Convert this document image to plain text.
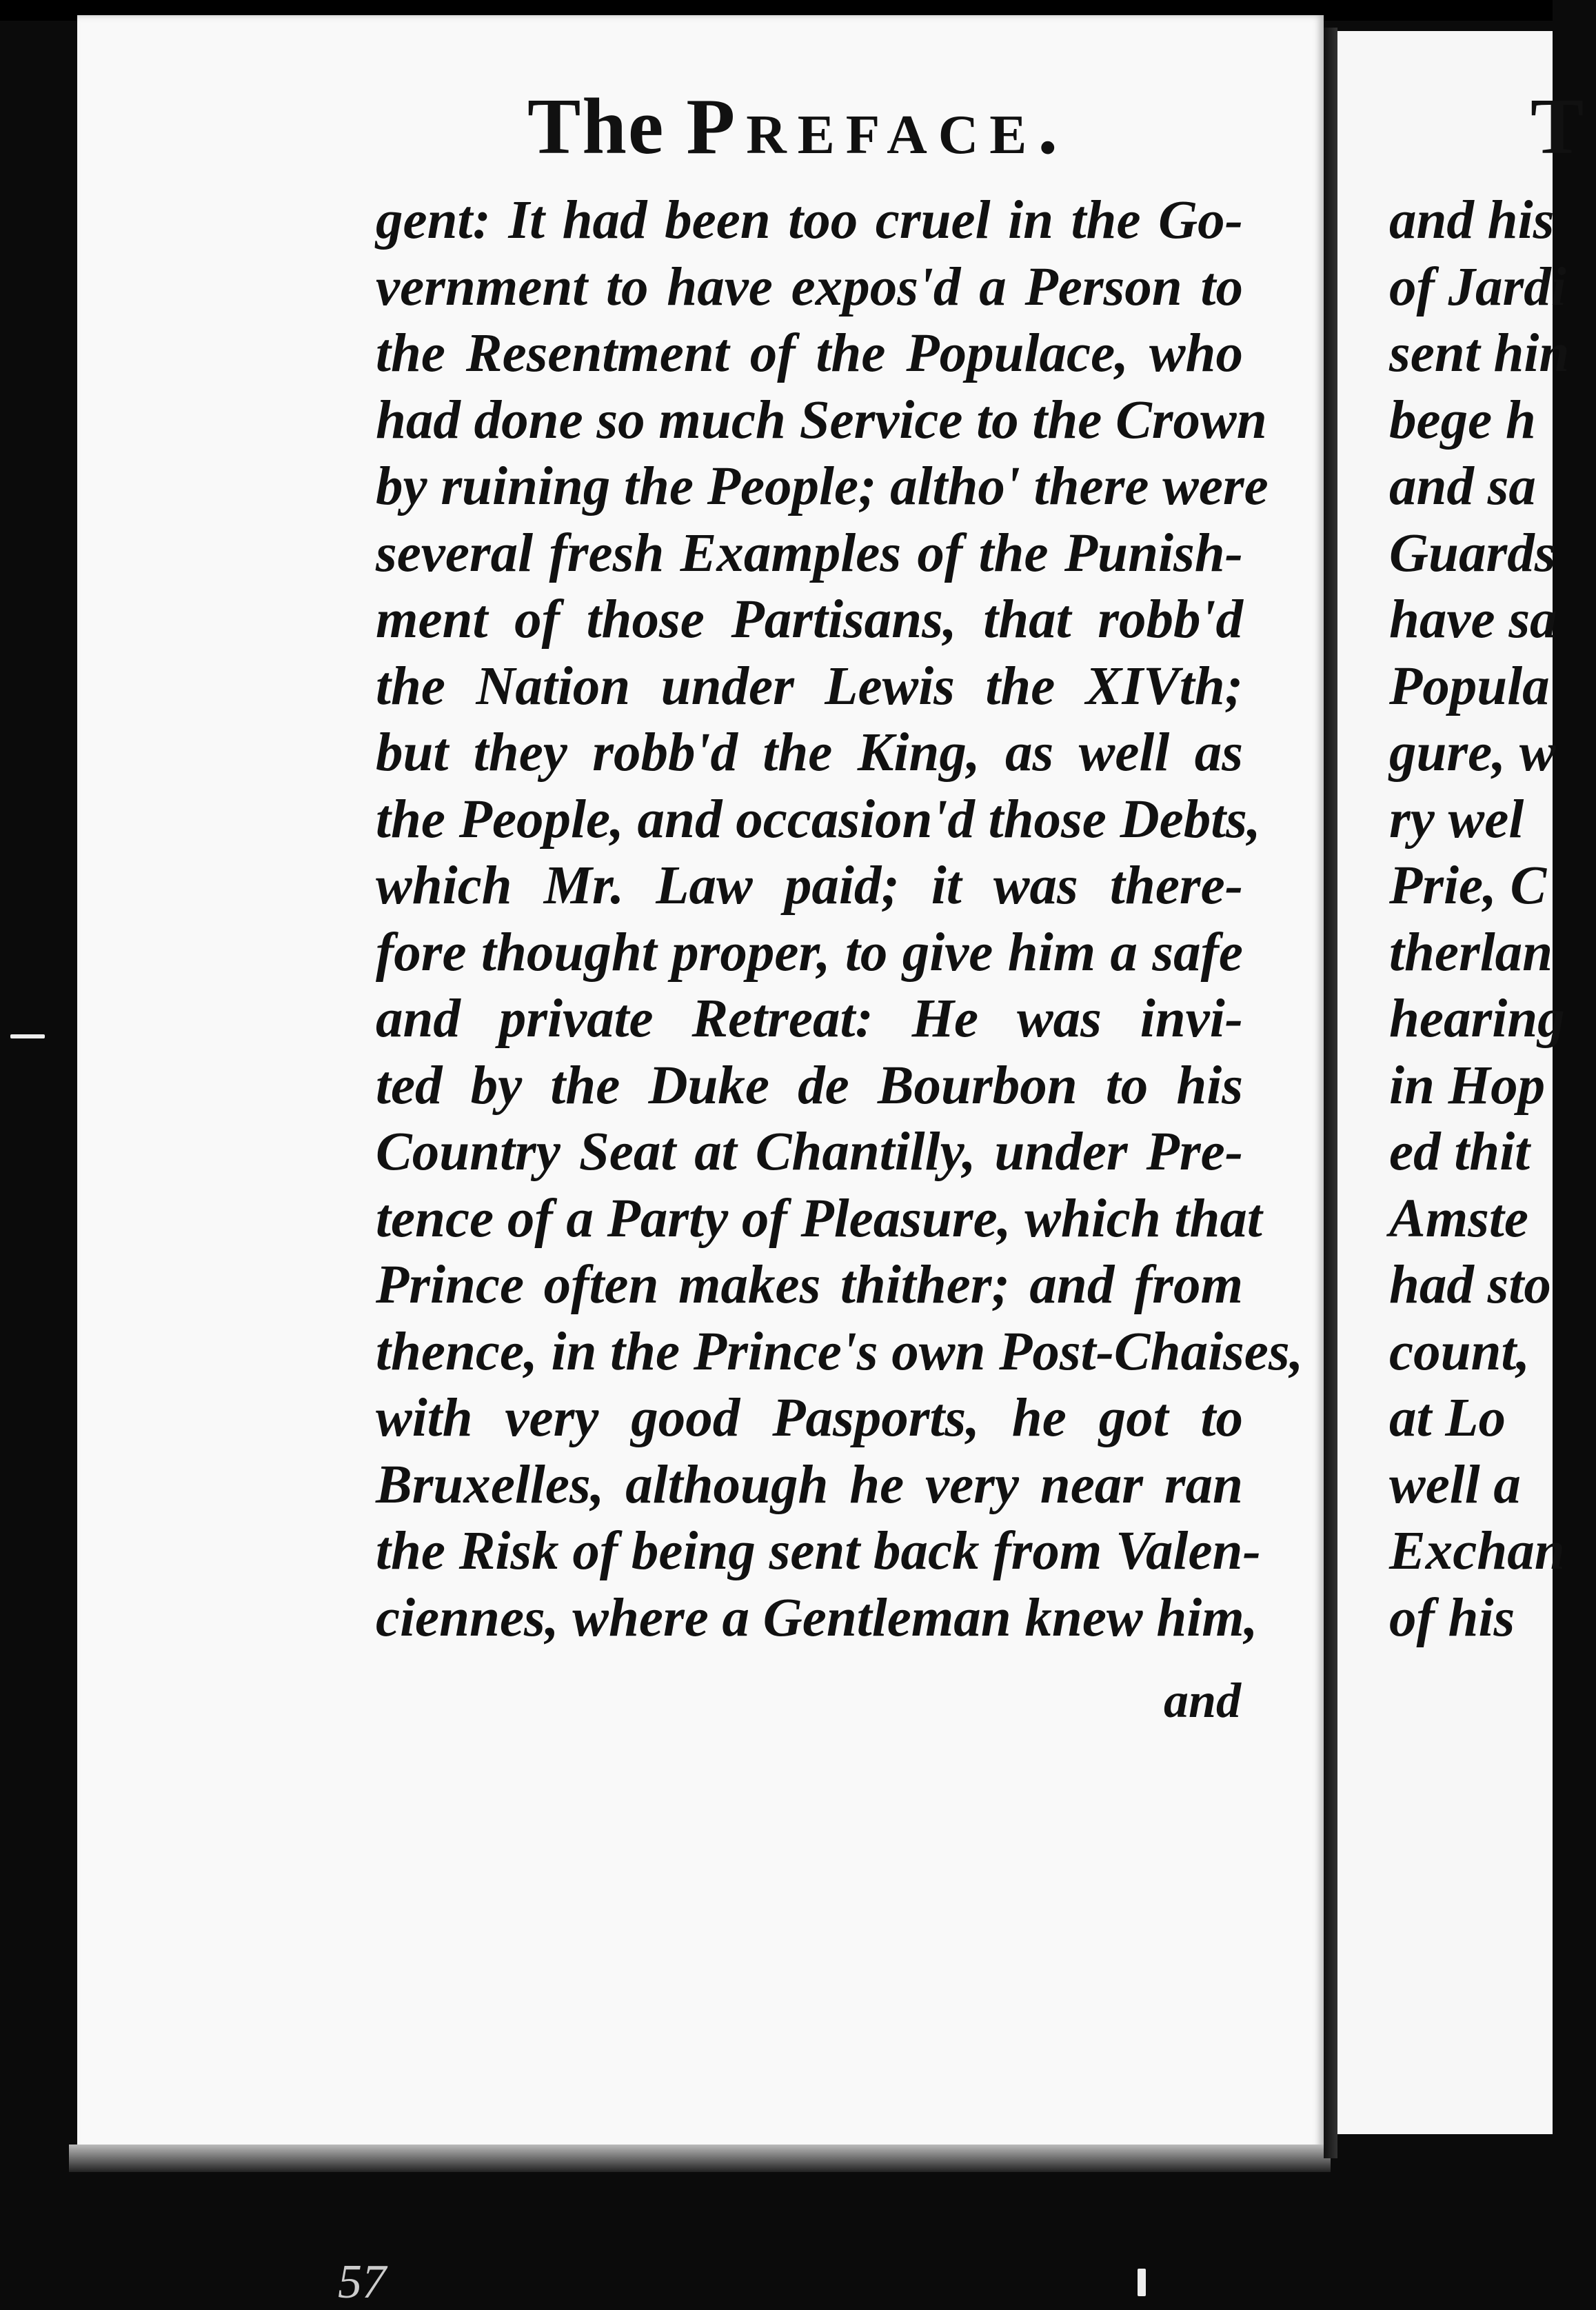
The Preface.
gent: It had been too cruel in the Go-
vernment to have expos'd a Person to
the Resentment of the Populace, who
had done so much Service to the Crown
by ruining the People; altho' there were
several fresh Examples of the Punish-
ment of those Partisans, that robb'd
the Nation under Lewis the XIVth;
but they robb'd the King, as well as
the People, and occasion'd those Debts,
which Mr. Law paid; it was there-
fore thought proper, to give him a safe
and private Retreat: He was invi-
ted by the Duke de Bourbon to his
Country Seat at Chantilly, under Pre-
tence of a Party of Pleasure, which that
Prince often makes thither; and from
thence, in the Prince's own Post-Chaises,
with very good Pasports, he got to
Bruxelles, although he very near ran
the Risk of being sent back from Valen-
ciennes, where a Gentleman knew him,
and
T
and his
of Jardi
sent hin
bege h
and sa
Guards
have sa
Popula
gure, w
ry wel
Prie, C
therlan
hearing
in Hop
ed thit
Amste
had sto
count,
at Lo
well a
Exchan
of his
57
